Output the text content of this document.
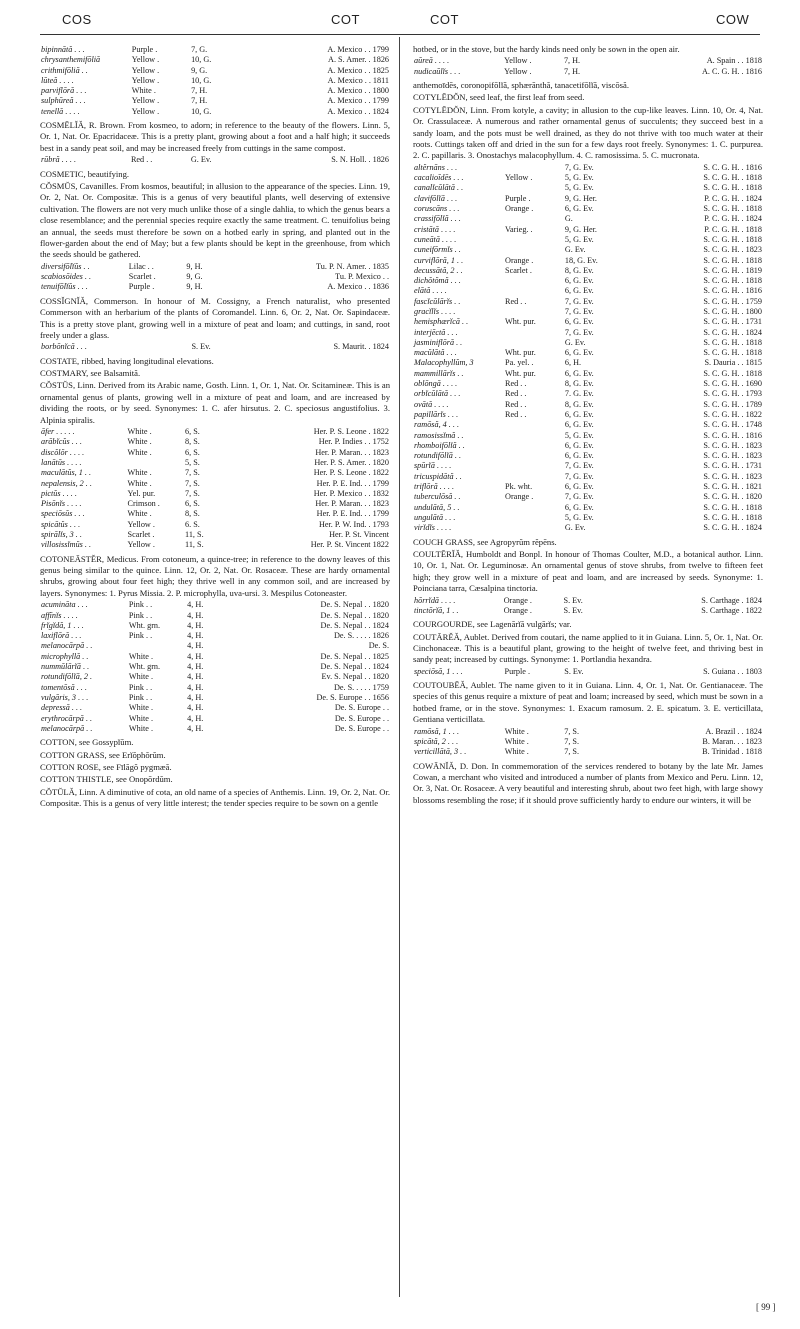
COS	COT	COT	COW
bipinnātă . . .	Purple .	7, G.	A. Mexico . . 1799
chrysanthemifōliă	Yellow .	10, G.	A. S. Amer. . 1826
crithmifōliă . .	Yellow .	9, G.	A. Mexico . . 1825
lūteă . . . .	Yellow .	10, G.	A. Mexico . . 1811
parviflōră . . .	White .	7, H.	A. Mexico . . 1800
sulphūreă . . .	Yellow .	7, H.	A. Mexico . . 1799
tenellă . . . .	Yellow .	10, G.	A. Mexico . . 1824

COSMĒLĬĂ, R. Brown. From kosmeo, to adorn; in reference to the beauty of the flowers. Linn. 5, Or. 1, Nat. Or. Epacridaceæ. This is a pretty plant, growing about a foot and a half high; it succeeds best in a sandy peat soil, and may be increased freely from cuttings in the same compost.

rūbră . . . .	Red . .	G. Ev.	S. N. Holl. . 1826

COSMETIC, beautifying.

CŎSMŬS, Cavanilles. From kosmos, beautiful; in allusion to the appearance of the species. Linn. 19, Or. 2, Nat. Or. Compositæ. This is a genus of very beautiful plants, well deserving of extensive cultivation. The flowers are not very much unlike those of a single dahlia, to which the genus bears a close resemblance; and the perennial species require exactly the same treatment. C. tenuifolius being an annual, the seeds must therefore be sown on a hotbed early in spring, and planted out in the flower-garden about the end of May; but a few plants should be kept in the greenhouse, from which the seeds should be gathered.

diversifōlĭŭs . .	Lilac . .	9, H.	Tu. P. N. Amer. . 1835
scabiosōides . .	Scarlet .	9, G.	Tu. P. Mexico . .
tenuifōlĭŭs . . .	Purple .	9, H.	A. Mexico . . 1836

COSSĬGNĬĂ, Commerson. In honour of M. Cossigny, a French naturalist, who presented Commerson with an herbarium of the plants of Coromandel. Linn. 6, Or. 2, Nat. Or. Sapindaceæ. This is a pretty stove plant, growing well in a mixture of peat and loam; and cuttings, in sand, root freely under a glass.

borbōnĭcă . . .		S. Ev.	S. Maurit. . 1824

COSTATE, ribbed, having longitudinal elevations.

COSTMARY, see Balsamită.

CŎSTŬS, Linn. Derived from its Arabic name, Gosth. Linn. 1, Or. 1, Nat. Or. Scitamineæ. This is an ornamental genus of plants, growing well in a mixture of peat and loam, and are increased by dividing the roots, or by seed. Synonymes: 1. C. afer hirsutus. 2. C. speciosus angustifolius. 3. Alpinia spiralis.

āfer . . . . .	White .	6, S.	Her. P. S. Leone . 1822
arābĭcŭs . . .	White .	8, S.	Her. P. Indies . . 1752
discŏlŏr . . . .	White .	6, S.	Her. P. Maran. . . 1823
lanātŭs . . . .		5, S.	Her. P. S. Amer. . 1820
maculātŭs, 1 . .	White .	7, S.	Her. P. S. Leone . 1822
nepalensis, 2 . .	White .	7, S.	Her. P. E. Ind. . . 1799
pictŭs . . . .	Yel. pur.	7, S.	Her. P. Mexico . . 1832
Pisōnĭs . . . .	Crimson .	6, S.	Her. P. Maran. . . 1823
speciōsŭs . . .	White .	8, S.	Her. P. E. Ind. . . 1799
spicātŭs . . .	Yellow .	6. S.	Her. P. W. Ind. . 1793
spirālĭs, 3 . .	Scarlet .	11, S.	Her. P. St. Vincent
villosissĭmŭs . .	Yellow .	11, S.	Her. P. St. Vincent 1822

COTONEĀSTĔR, Medicus. From cotoneum, a quince-tree; in reference to the downy leaves of this genus being similar to the quince. Linn. 12, Or. 2, Nat. Or. Rosaceæ. These are hardy ornamental shrubs, growing about four feet high; they thrive well in any common soil, and are increased by layers. Synonymes: 1. Pyrus Missia. 2. P. microphylla, uva-ursi. 3. Mespilus Cotoneaster.

acumināta . . .	Pink . .	4, H.	De. S. Nepal . . 1820
affīnĭs . . . .	Pink . .	4, H.	De. S. Nepal . . 1820
frĭgĭdă, 1 . . .	Wht. grn.	4, H.	De. S. Nepal . . 1824
laxiflōră . . .	Pink . .	4, H.	De. S. . . . . 1826
melanocārpă . .		4, H.	De. S.
microphyllă . .	White .	4, H.	De. S. Nepal . . 1825
nummŭlārĭă . .	Wht. grn.	4, H.	De. S. Nepal . . 1824
rotundifōlĭă, 2 .	White .	4, H.	Ev. S. Nepal . . 1820
tomentōsă . . .	Pink . .	4, H.	De. S. . . . . 1759
vulgāris, 3 . . .	Pink . .	4, H.	De. S. Europe . . 1656
depressă . . .	White .	4, H.	De. S. Europe . .
erythrocārpă . .	White .	4, H.	De. S. Europe . .
melanocārpă . .	White .	4, H.	De. S. Europe . .

COTTON, see Gossypĭŭm.

COTTON GRASS, see Erĭŏphŏrŭm.

COTTON ROSE, see Fīlāgŏ pygmæă.

COTTON THISTLE, see Onopōrdŭm.

CŎTŬLĂ, Linn. A diminutive of cota, an old name of a species of Anthemis. Linn. 19, Or. 2, Nat. Or. Compositæ. This is a genus of very little interest; the tender species require to be sown on a gentle

hotbed, or in the stove, but the hardy kinds need only be sown in the open air.

aūreă . . . .	Yellow .	7, H.	A. Spain . . 1818
nudicaūlĭs . . .	Yellow .	7, H.	A. C. G. H. . 1816

anthemoīdēs, coronopifōlĭă, sphærānthă, tanacetifōlĭă, viscōsă.

COTYLĒDŎN, seed leaf, the first leaf from seed.

COTYLĒDŎN, Linn. From kotyle, a cavity; in allusion to the cup-like leaves. Linn. 10, Or. 4, Nat. Or. Crassulaceæ. A numerous and rather ornamental genus of succulents; they succeed best in a sandy loam, and the pots must be well drained, as they do not thrive with too much water at their roots. Cuttings taken off and dried in the sun for a few days root freely. Synonymes: 1. C. purpurea. 2. C. papillaris. 3. Onostachys malacophyllum. 4. C. ramosissima. 5. C. mucronata.

altĕrnāns . . .		7, G. Ev.	S. C. G. H. . 1816
cacalioīdēs . . .	Yellow .	5, G. Ev.	S. C. G. H. . 1818
canalĭcŭlātă . .		5, G. Ev.	S. C. G. H. . 1818
clavifōlĭă . . .	Purple .	9, G. Her.	P. C. G. H. . 1824
coruscāns . . .	Orange .	6, G. Ev.	S. C. G. H. . 1818
crassifōlĭă . . .		G.	P. C. G. H. . 1824
cristātă . . . .	Varieg. .	9, G. Her.	P. C. G. H. . 1818
cuneātă . . . .		5, G. Ev.	S. C. G. H. . 1818
cuneifōrmĭs . .		G. Ev.	S. C. G. H. . 1823
curviflōră, 1 . .	Orange .	18, G. Ev.	S. C. G. H. . 1818
decussātă, 2 . .	Scarlet .	8, G. Ev.	S. C. G. H. . 1819
dichŏtŏmă . . .		6, G. Ev.	S. C. G. H. . 1818
elātă . . . .		6, G. Ev.	S. C. G. H. . 1816
fascĭcŭlārĭs . .	Red . .	7, G. Ev.	S. C. G. H. . 1759
gracĭlĭs . . . .		7, G. Ev.	S. C. G. H. . 1800
hemisphærĭcă . .	Wht. pur.	6, G. Ev.	S. C. G. H. . 1731
interjēctă . . .		7, G. Ev.	S. C. G. H. . 1824
jasminiflōră . .		G. Ev.	S. C. G. H. . 1818
macŭlātă . . .	Wht. pur.	6, G. Ev.	S. C. G. H. . 1818
Malacophyllŭm, 3	Pa. yel. .	6, H.	S. Dauria . . 1815
mammillārĭs . .	Wht. pur.	6, G. Ev.	S. C. G. H. . 1818
oblōngă . . . .	Red . .	8, G. Ev.	S. C. G. H. . 1690
orbĭcŭlātă . . .	Red . .	7. G. Ev.	S. C. G. H. . 1793
ovātă . . . .	Red . .	8, G. Ev.	S. C. G. H. . 1789
papillārĭs . . .	Red . .	6, G. Ev.	S. C. G. H. . 1822
ramōsă, 4 . . .		6, G. Ev.	S. C. G. H. . 1748
ramosissĭmă . .		5, G. Ev.	S. C. G. H. . 1816
rhomboifōlĭă . .		6, G. Ev.	S. C. G. H. . 1823
rotundifōlĭă . .		6, G. Ev.	S. C. G. H. . 1823
spūrĭă . . . .		7, G. Ev.	S. C. G. H. . 1731
tricuspidātă . .		7, G. Ev.	S. C. G. H. . 1823
triflōră . . . .	Pk. wht.	6, G. Ev.	S. C. G. H. . 1821
tuberculōsă . .	Orange .	7, G. Ev.	S. C. G. H. . 1820
undulātă, 5 . .		6, G. Ev.	S. C. G. H. . 1818
ungulātă . . .		5, G. Ev.	S. C. G. H. . 1818
virĭdĭs . . . .		G. Ev.	S. C. G. H. . 1824

COUCH GRASS, see Agropyrŭm rĕpēns.

COULTĒRĬĂ, Humboldt and Bonpl. In honour of Thomas Coulter, M.D., a botanical author. Linn. 10, Or. 1, Nat. Or. Leguminosæ. An ornamental genus of stove shrubs, from twelve to fifteen feet high; they grow well in a mixture of peat and loam, and are increased by seeds. Synonyme: 1. Poinciana tarra, Cæsalpina tinctoria.

hōrrĭdă . . . .	Orange .	S. Ev.	S. Carthage . 1824
tinctōrĭă, 1 . .	Orange .	S. Ev.	S. Carthage . 1822

COURGOURDE, see Lagenārĭă vulgārĭs; var.

COUTĀRĔĂ, Aublet. Derived from coutari, the name applied to it in Guiana. Linn. 5, Or. 1, Nat. Or. Cinchonaceæ. This is a beautiful plant, growing to the height of twelve feet, and thriving best in sandy peat; increased by cuttings. Synonyme: 1. Portlandia hexandra.

speciōsă, 1 . . .	Purple .	S. Ev.	S. Guiana . . 1803

COUTOUBĒĂ, Aublet. The name given to it in Guiana. Linn. 4, Or. 1, Nat. Or. Gentianaceæ. The species of this genus require a mixture of peat and loam; increased by seed, which must be sown in a hotbed frame, or in the stove. Synonymes: 1. Exacum ramosum. 2. E. spicatum. 3. E. verticillata, Gentiana verticillata.

ramōsă, 1 . . .	White .	7, S.	A. Brazil . . 1824
spicātă, 2 . . .	White .	7, S.	B. Maran. . . 1823
verticillātă, 3 . .	White .	7, S.	B. Trinidad . 1818

COWĀNĬĂ, D. Don. In commemoration of the services rendered to botany by the late Mr. James Cowan, a merchant who visited and introduced a number of plants from Mexico and Peru. Linn. 12, Or. 3, Nat. Or. Rosaceæ. A very beautiful and interesting shrub, about two feet high, with large showy blossoms resembling the rose; if it should prove sufficiently hardy to endure our winters, it will be

[ 99 ]
